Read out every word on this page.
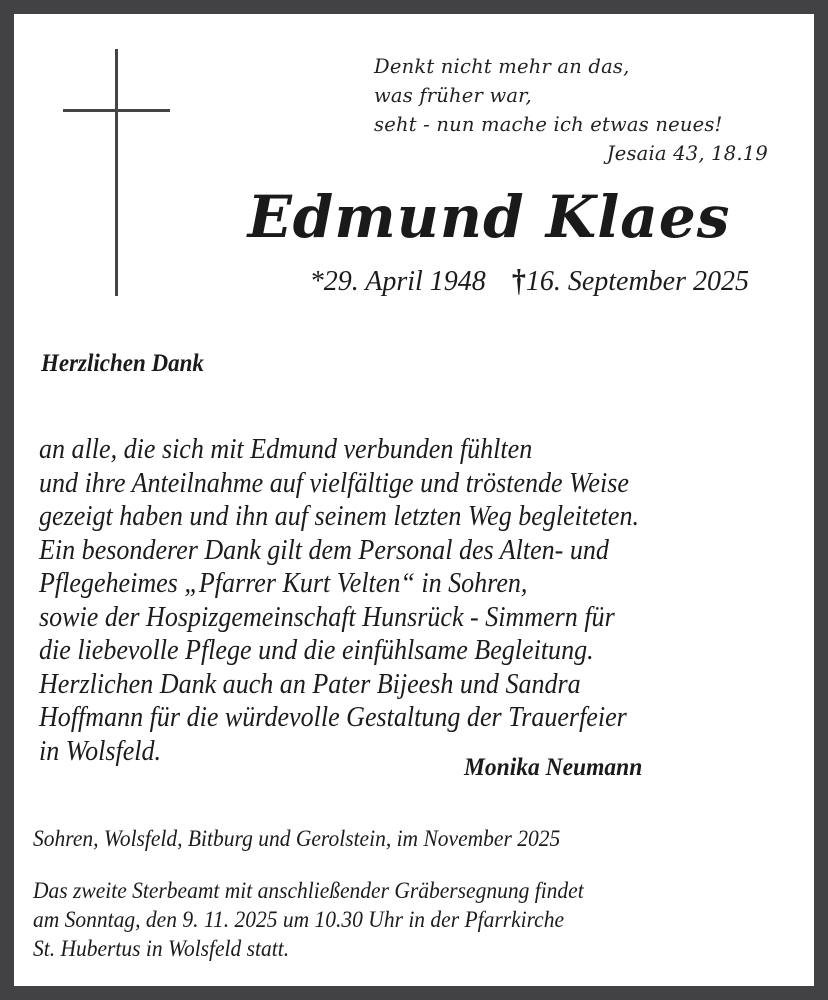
Denkt nicht mehr an das,
was früher war,
seht - nun mache ich etwas neues!
Jesaia 43, 18.19
Edmund Klaes
*29. April 1948 †16. September 2025
Herzlichen Dank
an alle, die sich mit Edmund verbunden fühlten
und ihre Anteilnahme auf vielfältige und tröstende Weise
gezeigt haben und ihn auf seinem letzten Weg begleiteten.
Ein besonderer Dank gilt dem Personal des Alten- und
Pflegeheimes „Pfarrer Kurt Velten“ in Sohren,
sowie der Hospizgemeinschaft Hunsrück - Simmern für
die liebevolle Pflege und die einfühlsame Begleitung.
Herzlichen Dank auch an Pater Bijeesh und Sandra
Hoffmann für die würdevolle Gestaltung der Trauerfeier
in Wolsfeld.
Monika Neumann
Sohren, Wolsfeld, Bitburg und Gerolstein, im November 2025
Das zweite Sterbeamt mit anschließender Gräbersegnung findet
am Sonntag, den 9. 11. 2025 um 10.30 Uhr in der Pfarrkirche
St. Hubertus in Wolsfeld statt.
